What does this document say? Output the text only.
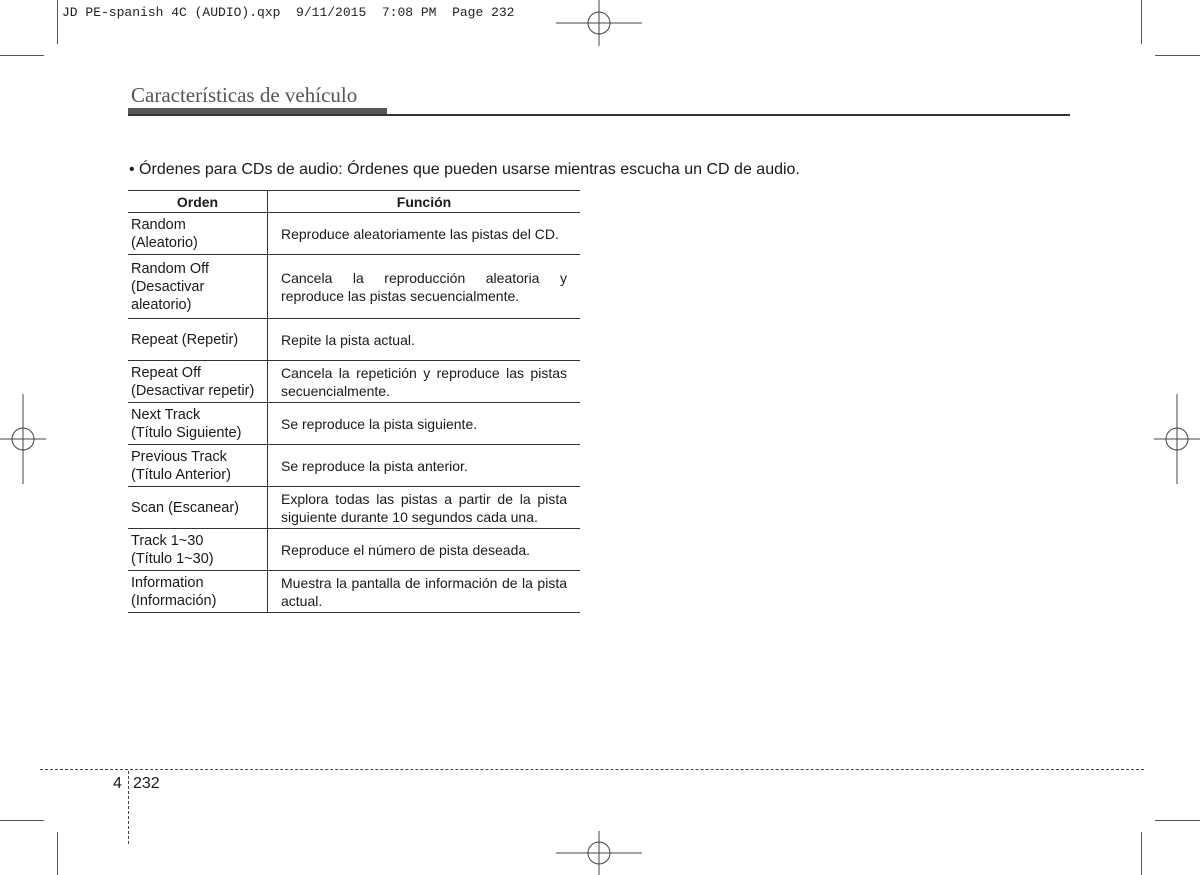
JD PE-spanish 4C (AUDIO).qxp  9/11/2015  7:08 PM  Page 232
Características de vehículo
• Órdenes para CDs de audio: Órdenes que pueden usarse mientras escucha un CD de audio.
Orden	Función

Random
(Aleatorio)	Reproduce aleatoriamente las pistas del CD.

Random Off
(Desactivar
aleatorio)	Cancela la reproducción aleatoria y reproduce las pistas secuencialmente.

Repeat (Repetir)	Repite la pista actual.

Repeat Off
(Desactivar repetir)	Cancela la repetición y reproduce las pistas secuencialmente.

Next Track
(Título Siguiente)	Se reproduce la pista siguiente.

Previous Track
(Título Anterior)	Se reproduce la pista anterior.

Scan (Escanear)	Explora todas las pistas a partir de la pista siguiente durante 10 segundos cada una.

Track 1~30
(Título 1~30)	Reproduce el número de pista deseada.

Information
(Información)	Muestra la pantalla de información de la pista actual.
4 232
